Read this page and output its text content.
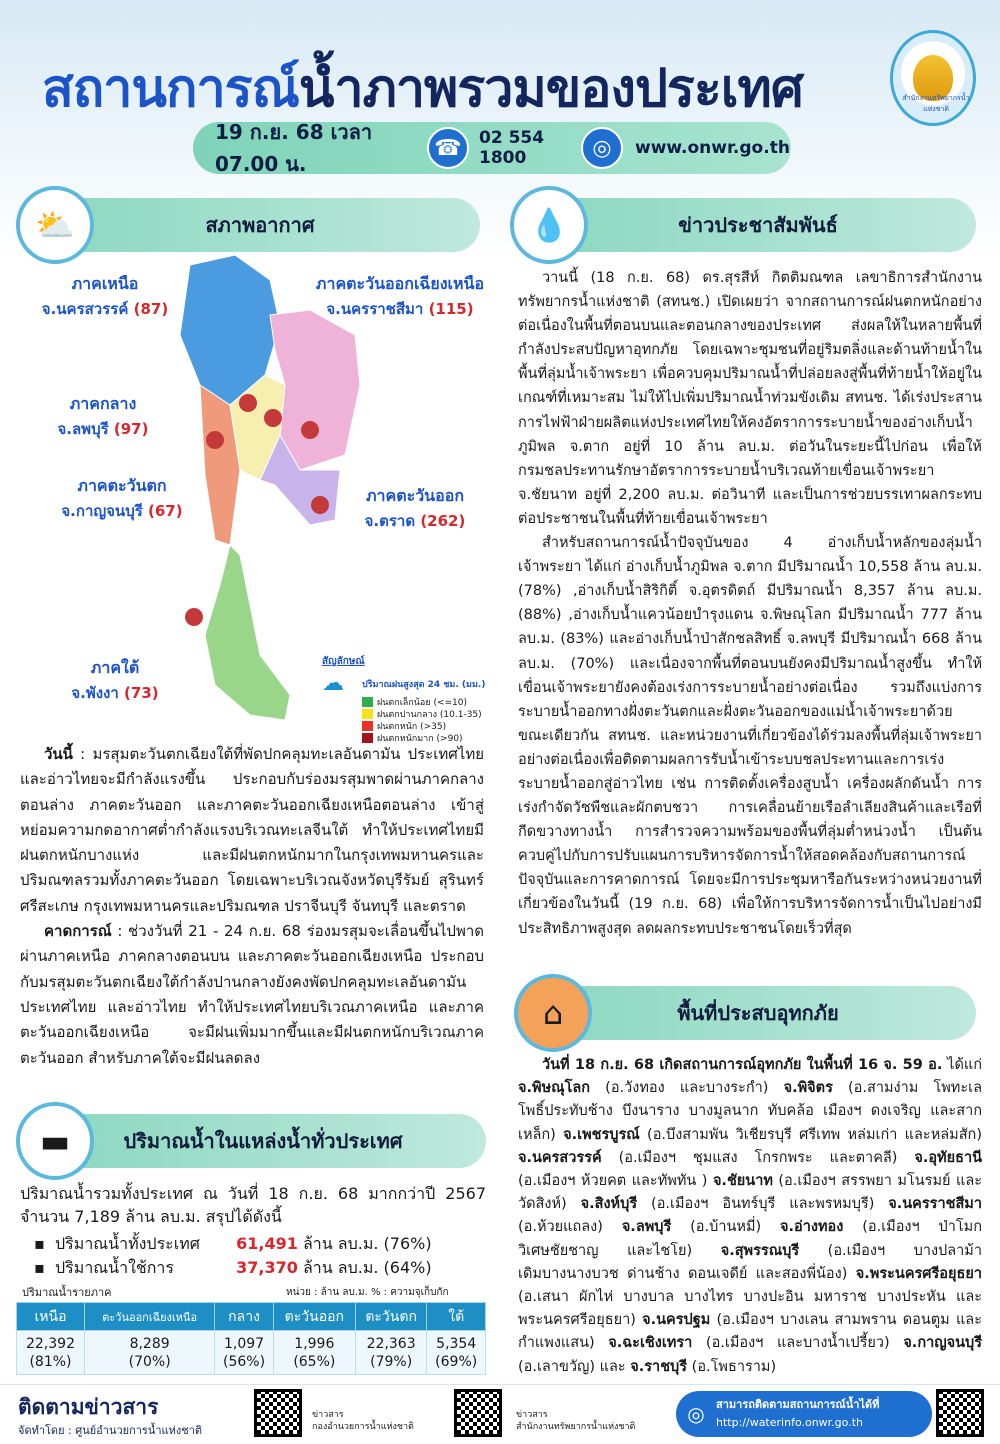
สถานการณ์น้ำภาพรวมของประเทศ	สำนักงานทรัพยากรน้ำแห่งชาติ
19 ก.ย. 68 เวลา 07.00 น.
☎	02 554 1800	◎	www.onwr.go.th
สภาพอากาศ
⛅
ภาคเหนือ
จ.นครสวรรค์ (87)
ภาคตะวันออกเฉียงเหนือ
จ.นครราชสีมา (115)
ภาคกลาง
จ.ลพบุรี (97)
ภาคตะวันตก
จ.กาญจนบุรี (67)
ภาคตะวันออก
จ.ตราด (262)
ภาคใต้
จ.พังงา (73)
สัญลักษณ์
☁	ปริมาณฝนสูงสุด 24 ชม. (มม.)
ฝนตกเล็กน้อย (<=10)
ฝนตกปานกลาง (10.1-35)
ฝนตกหนัก (>35)
ฝนตกหนักมาก (>90)

วันนี้ : มรสุมตะวันตกเฉียงใต้ที่พัดปกคลุมทะเลอันดามัน ประเทศไทย และอ่าวไทยจะมีกำลังแรงขึ้น ประกอบกับร่องมรสุมพาดผ่านภาคกลางตอนล่าง ภาคตะวันออก และภาคตะวันออกเฉียงเหนือตอนล่าง เข้าสู่หย่อมความกดอากาศต่ำกำลังแรงบริเวณทะเลจีนใต้ ทำให้ประเทศไทยมีฝนตกหนักบางแห่ง และมีฝนตกหนักมากในกรุงเทพมหานครและปริมณฑลรวมทั้งภาคตะวันออก โดยเฉพาะบริเวณจังหวัดบุรีรัมย์ สุรินทร์ ศรีสะเกษ กรุงเทพมหานครและปริมณฑล ปราจีนบุรี จันทบุรี และตราด

คาดการณ์ : ช่วงวันที่ 21 - 24 ก.ย. 68 ร่องมรสุมจะเลื่อนขึ้นไปพาดผ่านภาคเหนือ ภาคกลางตอนบน และภาคตะวันออกเฉียงเหนือ ประกอบกับมรสุมตะวันตกเฉียงใต้กำลังปานกลางยังคงพัดปกคลุมทะเลอันดามัน ประเทศไทย และอ่าวไทย ทำให้ประเทศไทยบริเวณภาคเหนือ และภาคตะวันออกเฉียงเหนือ จะมีฝนเพิ่มมากขึ้นและมีฝนตกหนักบริเวณภาคตะวันออก สำหรับภาคใต้จะมีฝนลดลง

ปริมาณน้ำในแหล่งน้ำทั่วประเทศ
▬
ปริมาณน้ำรวมทั้งประเทศ ณ วันที่ 18 ก.ย. 68 มากกว่าปี 2567 จำนวน 7,189 ล้าน ลบ.ม. สรุปได้ดังนี้
▪  ปริมาณน้ำทั้งประเทศ 61,491 ล้าน ลบ.ม. (76%)
▪  ปริมาณน้ำใช้การ	37,370 ล้าน ลบ.ม. (64%)
ปริมาณน้ำรายภาค	หน่วย : ล้าน ลบ.ม. % : ความจุเก็บกัก
เหนือ	ตะวันออกเฉียงเหนือ	กลาง	ตะวันออก	ตะวันตก	ใต้
22,392
(81%)	8,289
(70%)	1,097
(56%)	1,996
(65%)	22,363
(79%)	5,354
(69%)
ข่าวประชาสัมพันธ์
💧

วานนี้ (18 ก.ย. 68) ดร.สุรสีห์ กิตติมณฑล เลขาธิการสำนักงานทรัพยากรน้ำแห่งชาติ (สทนช.) เปิดเผยว่า จากสถานการณ์ฝนตกหนักอย่างต่อเนื่องในพื้นที่ตอนบนและตอนกลางของประเทศ ส่งผลให้ในหลายพื้นที่กำลังประสบปัญหาอุทกภัย โดยเฉพาะชุมชนที่อยู่ริมตลิ่งและด้านท้ายน้ำในพื้นที่ลุ่มน้ำเจ้าพระยา เพื่อควบคุมปริมาณน้ำที่ปล่อยลงสู่พื้นที่ท้ายน้ำให้อยู่ในเกณฑ์ที่เหมาะสม ไม่ให้ไปเพิ่มปริมาณน้ำท่วมขังเดิม สทนช. ได้เร่งประสานการไฟฟ้าฝ่ายผลิตแห่งประเทศไทยให้คงอัตราการระบายน้ำของอ่างเก็บน้ำภูมิพล จ.ตาก อยู่ที่ 10 ล้าน ลบ.ม. ต่อวันในระยะนี้ไปก่อน เพื่อให้กรมชลประทานรักษาอัตราการระบายน้ำบริเวณท้ายเขื่อนเจ้าพระยา จ.ชัยนาท อยู่ที่ 2,200 ลบ.ม. ต่อวินาที และเป็นการช่วยบรรเทาผลกระทบต่อประชาชนในพื้นที่ท้ายเขื่อนเจ้าพระยา

สำหรับสถานการณ์น้ำปัจจุบันของ 4 อ่างเก็บน้ำหลักของลุ่มน้ำเจ้าพระยา ได้แก่ อ่างเก็บน้ำภูมิพล จ.ตาก มีปริมาณน้ำ 10,558 ล้าน ลบ.ม. (78%) ,อ่างเก็บน้ำสิริกิติ์ จ.อุตรดิตถ์ มีปริมาณน้ำ 8,357 ล้าน ลบ.ม. (88%) ,อ่างเก็บน้ำแควน้อยบำรุงแดน จ.พิษณุโลก มีปริมาณน้ำ 777 ล้าน ลบ.ม. (83%) และอ่างเก็บน้ำป่าสักชลสิทธิ์ จ.ลพบุรี มีปริมาณน้ำ 668 ล้าน ลบ.ม. (70%) และเนื่องจากพื้นที่ตอนบนยังคงมีปริมาณน้ำสูงขึ้น ทำให้เขื่อนเจ้าพระยายังคงต้องเร่งการระบายน้ำอย่างต่อเนื่อง รวมถึงแบ่งการระบายน้ำออกทางฝั่งตะวันตกและฝั่งตะวันออกของแม่น้ำเจ้าพระยาด้วย ขณะเดียวกัน สทนช. และหน่วยงานที่เกี่ยวข้องได้ร่วมลงพื้นที่ลุ่มเจ้าพระยาอย่างต่อเนื่องเพื่อติดตามผลการรับน้ำเข้าระบบชลประทานและการเร่งระบายน้ำออกสู่อ่าวไทย เช่น การติดตั้งเครื่องสูบน้ำ เครื่องผลักดันน้ำ การเร่งกำจัดวัชพืชและผักตบชวา การเคลื่อนย้ายเรือลำเลียงสินค้าและเรือที่กีดขวางทางน้ำ การสำรวจความพร้อมของพื้นที่ลุ่มต่ำหน่วงน้ำ เป็นต้น ควบคู่ไปกับการปรับแผนการบริหารจัดการน้ำให้สอดคล้องกับสถานการณ์ปัจจุบันและการคาดการณ์ โดยจะมีการประชุมหารือกันระหว่างหน่วยงานที่เกี่ยวข้องในวันนี้ (19 ก.ย. 68) เพื่อให้การบริหารจัดการน้ำเป็นไปอย่างมีประสิทธิภาพสูงสุด ลดผลกระทบประชาชนโดยเร็วที่สุด

พื้นที่ประสบอุทกภัย
⌂
วันที่ 18 ก.ย. 68 เกิดสถานการณ์อุทกภัย ในพื้นที่ 16 จ. 59 อ. ได้แก่ จ.พิษณุโลก (อ.วังทอง และบางระกำ) จ.พิจิตร (อ.สามง่าม โพทะเล โพธิ์ประทับช้าง บึงนาราง บางมูลนาก ทับคล้อ เมืองฯ ดงเจริญ และสากเหล็ก) จ.เพชรบูรณ์ (อ.บึงสามพัน วิเชียรบุรี ศรีเทพ หล่มเก่า และหล่มสัก) จ.นครสวรรค์ (อ.เมืองฯ ชุมแสง โกรกพระ และตาคลี) จ.อุทัยธานี (อ.เมืองฯ ห้วยคต และทัพทัน ) จ.ชัยนาท (อ.เมืองฯ สรรพยา มโนรมย์ และวัดสิงห์) จ.สิงห์บุรี (อ.เมืองฯ อินทร์บุรี และพรหมบุรี) จ.นครราชสีมา (อ.ห้วยแถลง) จ.ลพบุรี (อ.บ้านหมี่) จ.อ่างทอง (อ.เมืองฯ ป่าโมก วิเศษชัยชาญ และไชโย) จ.สุพรรณบุรี (อ.เมืองฯ บางปลาม้า เดิมบางนางบวช ด่านช้าง ดอนเจดีย์ และสองพี่น้อง) จ.พระนครศรีอยุธยา (อ.เสนา ผักไห่ บางบาล บางไทร บางปะอิน มหาราช บางประหัน และพระนครศรีอยุธยา) จ.นครปฐม (อ.เมืองฯ บางเลน สามพราน ดอนตูม และกำแพงแสน) จ.ฉะเชิงเทรา (อ.เมืองฯ และบางน้ำเปรี้ยว) จ.กาญจนบุรี (อ.เลาขวัญ) และ จ.ราชบุรี (อ.โพธาราม)
ติดตามข่าวสาร
จัดทำโดย : ศูนย์อำนวยการน้ำแห่งชาติ
ข่าวสาร
กองอำนวยการน้ำแห่งชาติ
ข่าวสาร
สำนักงานทรัพยากรน้ำแห่งชาติ
◎	สามารถติดตามสถานการณ์น้ำได้ที่
http://waterinfo.onwr.go.th
